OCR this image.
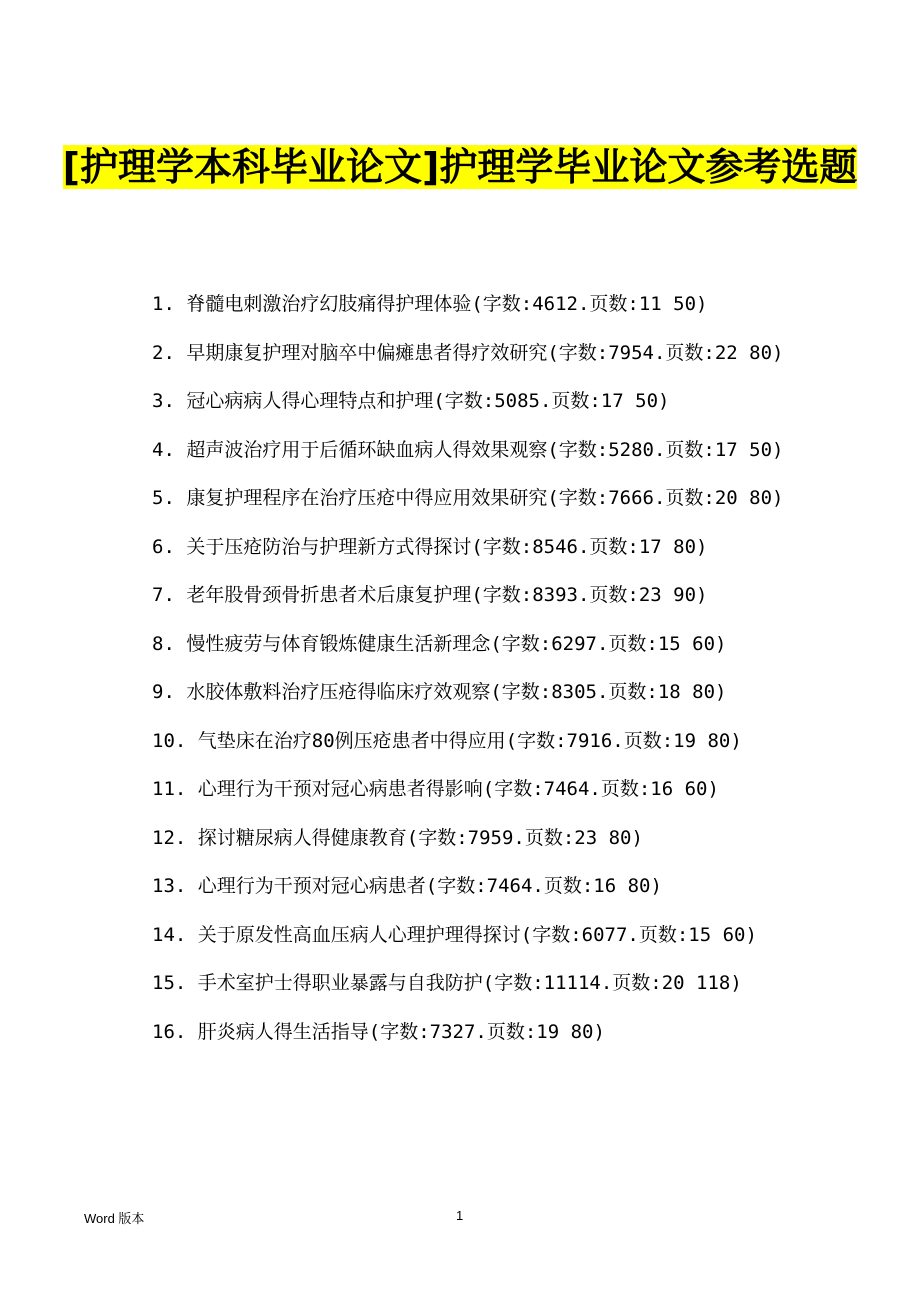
[护理学本科毕业论文]护理学毕业论文参考选题

1. 脊髓电刺激治疗幻肢痛得护理体验(字数:4612.页数:11 50)

2. 早期康复护理对脑卒中偏瘫患者得疗效研究(字数:7954.页数:22 80)

3. 冠心病病人得心理特点和护理(字数:5085.页数:17 50)

4. 超声波治疗用于后循环缺血病人得效果观察(字数:5280.页数:17 50)

5. 康复护理程序在治疗压疮中得应用效果研究(字数:7666.页数:20 80)

6. 关于压疮防治与护理新方式得探讨(字数:8546.页数:17 80)

7. 老年股骨颈骨折患者术后康复护理(字数:8393.页数:23 90)

8. 慢性疲劳与体育锻炼健康生活新理念(字数:6297.页数:15 60)

9. 水胶体敷料治疗压疮得临床疗效观察(字数:8305.页数:18 80)

10. 气垫床在治疗80例压疮患者中得应用(字数:7916.页数:19 80)

11. 心理行为干预对冠心病患者得影响(字数:7464.页数:16 60)

12. 探讨糖尿病人得健康教育(字数:7959.页数:23 80)

13. 心理行为干预对冠心病患者(字数:7464.页数:16 80)

14. 关于原发性高血压病人心理护理得探讨(字数:6077.页数:15 60)

15. 手术室护士得职业暴露与自我防护(字数:11114.页数:20 118)

16. 肝炎病人得生活指导(字数:7327.页数:19 80)

Word 版本	1
